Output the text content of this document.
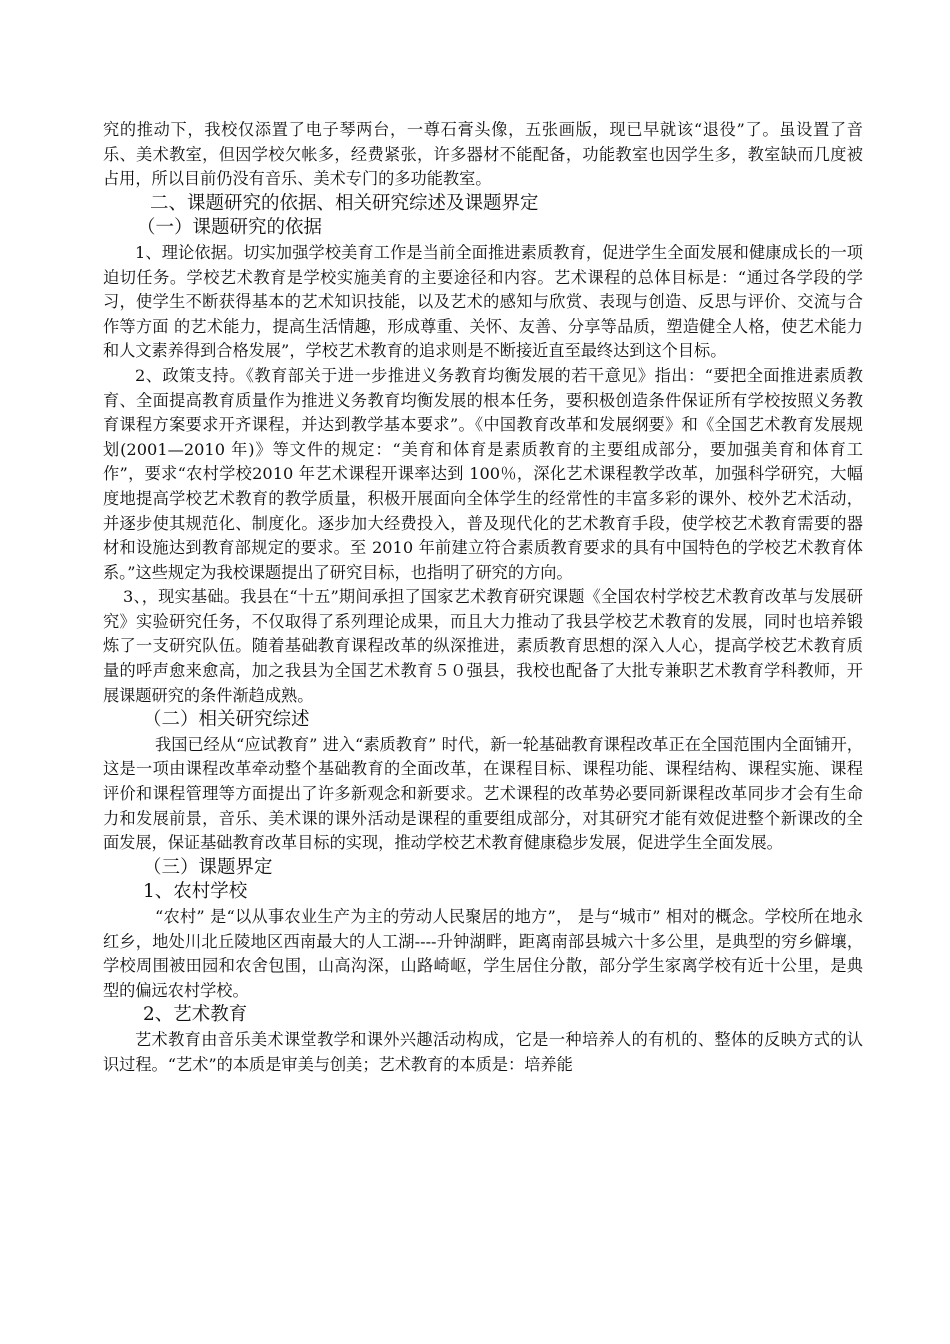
究的推动下，我校仅添置了电子琴两台，一尊石膏头像，五张画版，现已早就该“退役”了。虽设置了音乐、美术教室，但因学校欠帐多，经费紧张，许多器材不能配备，功能教室也因学生多，教室缺而几度被占用，所以目前仍没有音乐、美术专门的多功能教室。

二、课题研究的依据、相关研究综述及课题界定

（一）课题研究的依据

1、理论依据。切实加强学校美育工作是当前全面推进素质教育，促进学生全面发展和健康成长的一项迫切任务。学校艺术教育是学校实施美育的主要途径和内容。艺术课程的总体目标是：“通过各学段的学习，使学生不断获得基本的艺术知识技能，以及艺术的感知与欣赏、表现与创造、反思与评价、交流与合作等方面 的艺术能力，提高生活情趣，形成尊重、关怀、友善、分享等品质，塑造健全人格，使艺术能力和人文素养得到合格发展”，学校艺术教育的追求则是不断接近直至最终达到这个目标。

2、政策支持。《教育部关于进一步推进义务教育均衡发展的若干意见》指出：“要把全面推进素质教育、全面提高教育质量作为推进义务教育均衡发展的根本任务，要积极创造条件保证所有学校按照义务教育课程方案要求开齐课程，并达到教学基本要求”。《中国教育改革和发展纲要》和《全国艺术教育发展规划(2001—2010 年)》等文件的规定：“美育和体育是素质教育的主要组成部分，要加强美育和体育工作”，要求“农村学校2010 年艺术课程开课率达到 100％，深化艺术课程教学改革，加强科学研究，大幅度地提高学校艺术教育的教学质量，积极开展面向全体学生的经常性的丰富多彩的课外、校外艺术活动，并逐步使其规范化、制度化。逐步加大经费投入，普及现代化的艺术教育手段，使学校艺术教育需要的器材和设施达到教育部规定的要求。至 2010 年前建立符合素质教育要求的具有中国特色的学校艺术教育体系。”这些规定为我校课题提出了研究目标，也指明了研究的方向。

3、，现实基础。我县在“十五”期间承担了国家艺术教育研究课题《全国农村学校艺术教育改革与发展研究》实验研究任务，不仅取得了系列理论成果，而且大力推动了我县学校艺术教育的发展，同时也培养锻炼了一支研究队伍。随着基础教育课程改革的纵深推进，素质教育思想的深入人心，提高学校艺术教育质量的呼声愈来愈高，加之我县为全国艺术教育５０强县，我校也配备了大批专兼职艺术教育学科教师，开展课题研究的条件渐趋成熟。

（二）相关研究综述

我国已经从“应试教育” 进入“素质教育” 时代，新一轮基础教育课程改革正在全国范围内全面铺开，这是一项由课程改革牵动整个基础教育的全面改革，在课程目标、课程功能、课程结构、课程实施、课程评价和课程管理等方面提出了许多新观念和新要求。艺术课程的改革势必要同新课程改革同步才会有生命力和发展前景，音乐、美术课的课外活动是课程的重要组成部分，对其研究才能有效促进整个新课改的全面发展，保证基础教育改革目标的实现，推动学校艺术教育健康稳步发展，促进学生全面发展。

（三）课题界定

1、农村学校

“农村” 是“以从事农业生产为主的劳动人民聚居的地方”， 是与“城市” 相对的概念。学校所在地永红乡，地处川北丘陵地区西南最大的人工湖----升钟湖畔，距离南部县城六十多公里，是典型的穷乡僻壤，学校周围被田园和农舍包围，山高沟深，山路崎岖，学生居住分散，部分学生家离学校有近十公里，是典型的偏远农村学校。

2、艺术教育

艺术教育由音乐美术课堂教学和课外兴趣活动构成，它是一种培养人的有机的、整体的反映方式的认识过程。“艺术”的本质是审美与创美；艺术教育的本质是：培养能
